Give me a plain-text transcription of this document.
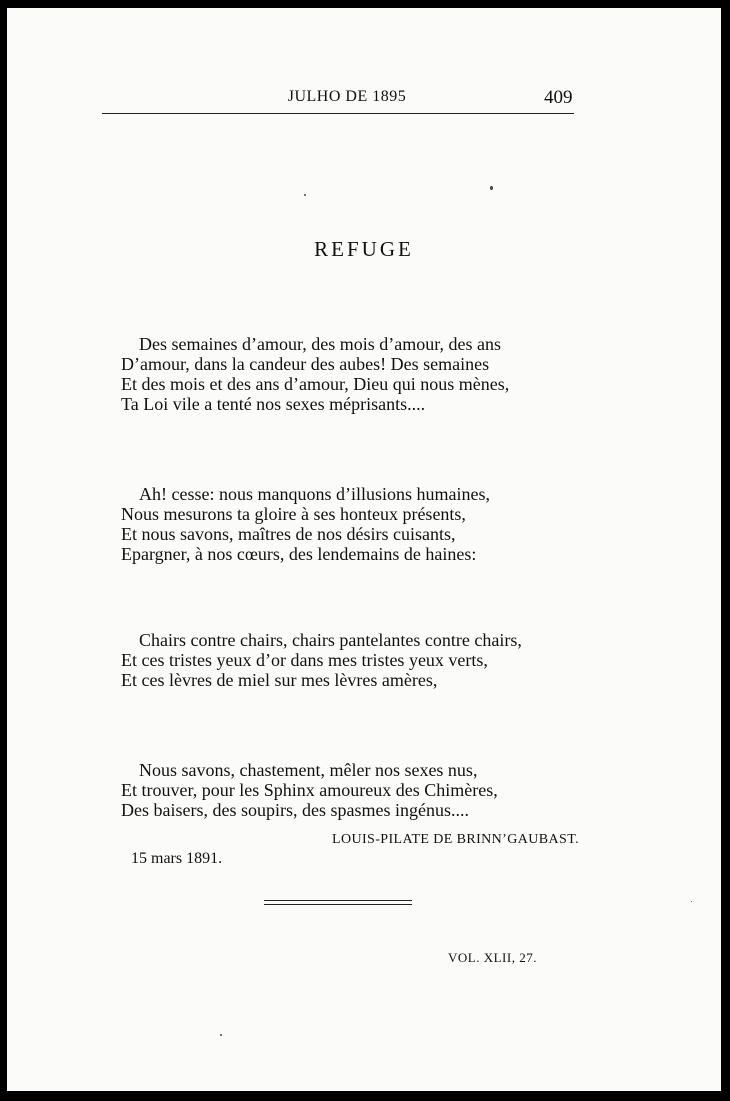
JULHO DE 1895	409
REFUGE
Des semaines d’amour, des mois d’amour, des ans
D’amour, dans la candeur des aubes! Des semaines
Et des mois et des ans d’amour, Dieu qui nous mènes,
Ta Loi vile a tenté nos sexes méprisants....
Ah! cesse: nous manquons d’illusions humaines,
Nous mesurons ta gloire à ses honteux présents,
Et nous savons, maîtres de nos désirs cuisants,
Epargner, à nos cœurs, des lendemains de haines:
Chairs contre chairs, chairs pantelantes contre chairs,
Et ces tristes yeux d’or dans mes tristes yeux verts,
Et ces lèvres de miel sur mes lèvres amères,
Nous savons, chastement, mêler nos sexes nus,
Et trouver, pour les Sphinx amoureux des Chimères,
Des baisers, des soupirs, des spasmes ingénus....
LOUIS-PILATE DE BRINN’GAUBAST.
15 mars 1891.
VOL. XLII, 27.
